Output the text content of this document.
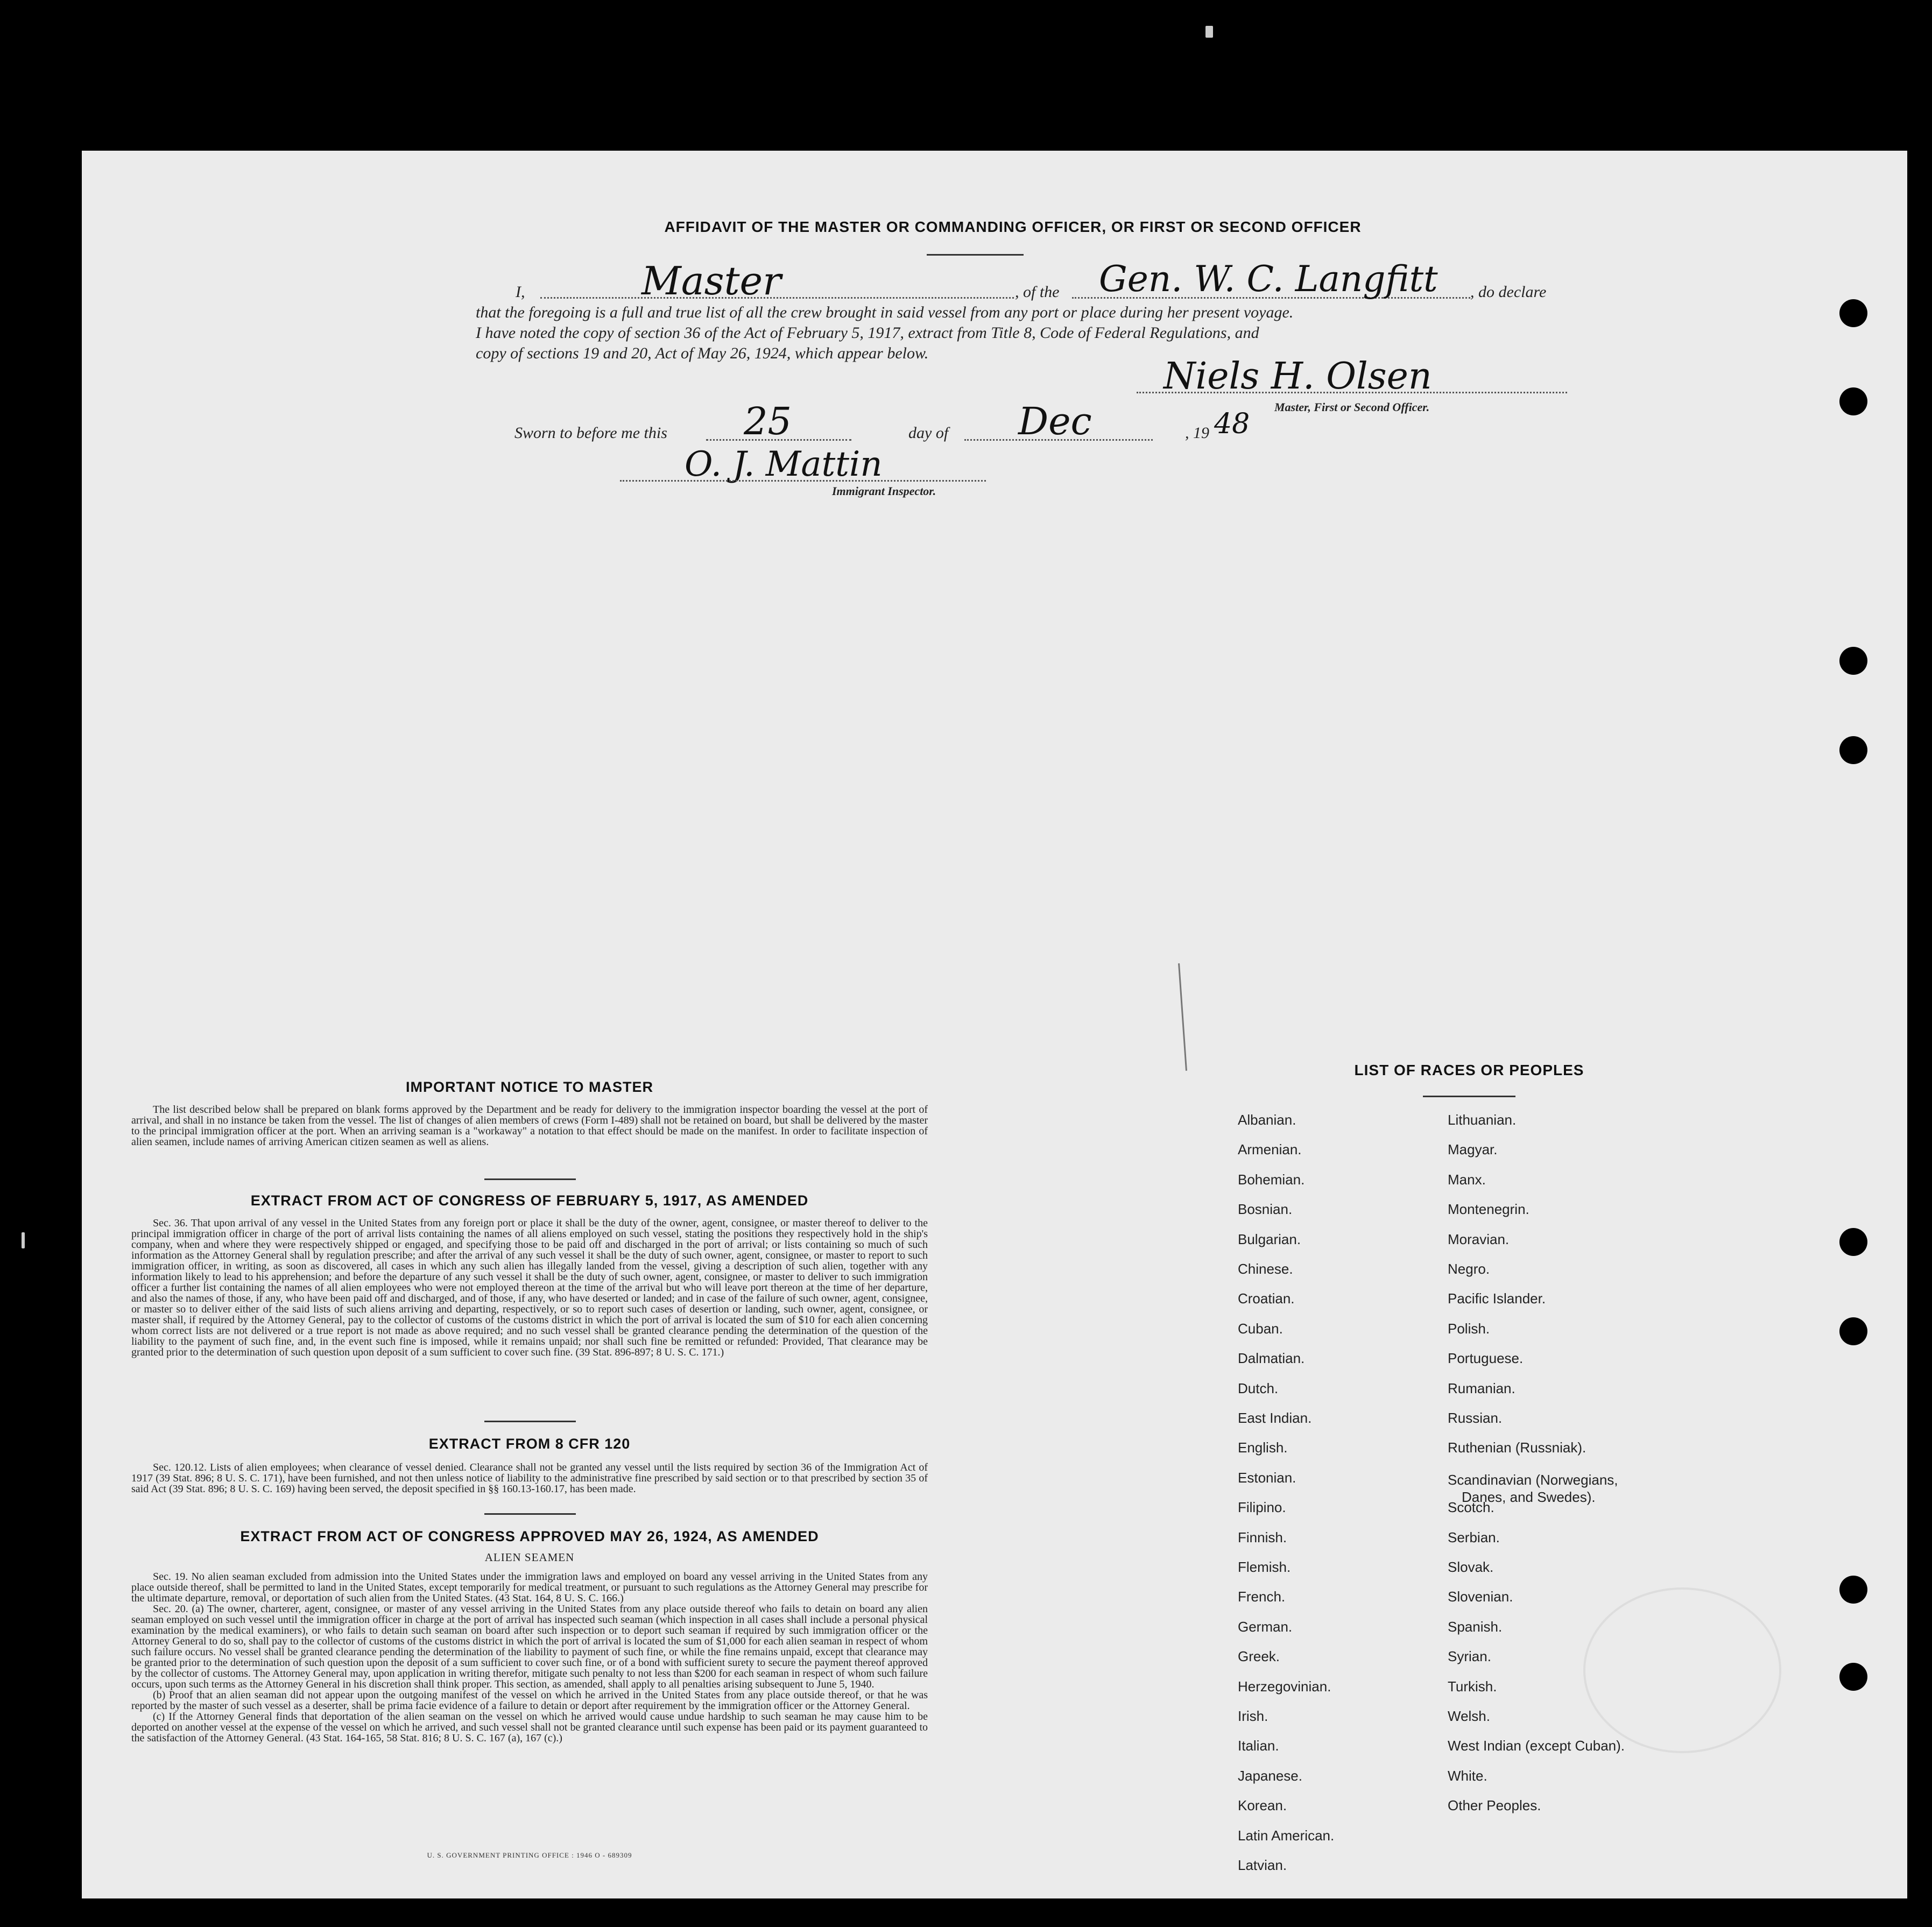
AFFIDAVIT OF THE MASTER OR COMMANDING OFFICER, OR FIRST OR SECOND OFFICER
I,	Master	, of the Gen. W. C. Langfitt , do declare
that the foregoing is a full and true list of all the crew brought in said vessel from any port or place during her present voyage.
I have noted the copy of section 36 of the Act of February 5, 1917, extract from Title 8, Code of Federal Regulations, and
copy of sections 19 and 20, Act of May 26, 1924, which appear below.
Niels H. Olsen
Master, First or Second Officer.
Sworn to before me this 25	day of Dec	, 19 48
O. J. Mattin
Immigrant Inspector.
IMPORTANT NOTICE TO MASTER

The list described below shall be prepared on blank forms approved by the Department and be ready for delivery to the immigration inspector boarding the vessel at the port of arrival, and shall in no instance be taken from the vessel. The list of changes of alien members of crews (Form I-489) shall not be retained on board, but shall be delivered by the master to the principal immigration officer at the port. When an arriving seaman is a "workaway" a notation to that effect should be made on the manifest. In order to facilitate inspection of alien seamen, include names of arriving American citizen seamen as well as aliens.

EXTRACT FROM ACT OF CONGRESS OF FEBRUARY 5, 1917, AS AMENDED

Sec. 36. That upon arrival of any vessel in the United States from any foreign port or place it shall be the duty of the owner, agent, consignee, or master thereof to deliver to the principal immigration officer in charge of the port of arrival lists containing the names of all aliens employed on such vessel, stating the positions they respectively hold in the ship's company, when and where they were respectively shipped or engaged, and specifying those to be paid off and discharged in the port of arrival; or lists containing so much of such information as the Attorney General shall by regulation prescribe; and after the arrival of any such vessel it shall be the duty of such owner, agent, consignee, or master to report to such immigration officer, in writing, as soon as discovered, all cases in which any such alien has illegally landed from the vessel, giving a description of such alien, together with any information likely to lead to his apprehension; and before the departure of any such vessel it shall be the duty of such owner, agent, consignee, or master to deliver to such immigration officer a further list containing the names of all alien employees who were not employed thereon at the time of the arrival but who will leave port thereon at the time of her departure, and also the names of those, if any, who have been paid off and discharged, and of those, if any, who have deserted or landed; and in case of the failure of such owner, agent, consignee, or master so to deliver either of the said lists of such aliens arriving and departing, respectively, or so to report such cases of desertion or landing, such owner, agent, consignee, or master shall, if required by the Attorney General, pay to the collector of customs of the customs district in which the port of arrival is located the sum of $10 for each alien concerning whom correct lists are not delivered or a true report is not made as above required; and no such vessel shall be granted clearance pending the determination of the question of the liability to the payment of such fine, and, in the event such fine is imposed, while it remains unpaid; nor shall such fine be remitted or refunded: Provided, That clearance may be granted prior to the determination of such question upon deposit of a sum sufficient to cover such fine. (39 Stat. 896-897; 8 U. S. C. 171.)

EXTRACT FROM 8 CFR 120

Sec. 120.12. Lists of alien employees; when clearance of vessel denied. Clearance shall not be granted any vessel until the lists required by section 36 of the Immigration Act of 1917 (39 Stat. 896; 8 U. S. C. 171), have been furnished, and not then unless notice of liability to the administrative fine prescribed by said section or to that prescribed by section 35 of said Act (39 Stat. 896; 8 U. S. C. 169) having been served, the deposit specified in §§ 160.13-160.17, has been made.

EXTRACT FROM ACT OF CONGRESS APPROVED MAY 26, 1924, AS AMENDED
ALIEN SEAMEN

Sec. 19. No alien seaman excluded from admission into the United States under the immigration laws and employed on board any vessel arriving in the United States from any place outside thereof, shall be permitted to land in the United States, except temporarily for medical treatment, or pursuant to such regulations as the Attorney General may prescribe for the ultimate departure, removal, or deportation of such alien from the United States. (43 Stat. 164, 8 U. S. C. 166.)

Sec. 20. (a) The owner, charterer, agent, consignee, or master of any vessel arriving in the United States from any place outside thereof who fails to detain on board any alien seaman employed on such vessel until the immigration officer in charge at the port of arrival has inspected such seaman (which inspection in all cases shall include a personal physical examination by the medical examiners), or who fails to detain such seaman on board after such inspection or to deport such seaman if required by such immigration officer or the Attorney General to do so, shall pay to the collector of customs of the customs district in which the port of arrival is located the sum of $1,000 for each alien seaman in respect of whom such failure occurs. No vessel shall be granted clearance pending the determination of the liability to payment of such fine, or while the fine remains unpaid, except that clearance may be granted prior to the determination of such question upon the deposit of a sum sufficient to cover such fine, or of a bond with sufficient surety to secure the payment thereof approved by the collector of customs. The Attorney General may, upon application in writing therefor, mitigate such penalty to not less than $200 for each seaman in respect of whom such failure occurs, upon such terms as the Attorney General in his discretion shall think proper. This section, as amended, shall apply to all penalties arising subsequent to June 5, 1940.

(b) Proof that an alien seaman did not appear upon the outgoing manifest of the vessel on which he arrived in the United States from any place outside thereof, or that he was reported by the master of such vessel as a deserter, shall be prima facie evidence of a failure to detain or deport after requirement by the immigration officer or the Attorney General.

(c) If the Attorney General finds that deportation of the alien seaman on the vessel on which he arrived would cause undue hardship to such seaman he may cause him to be deported on another vessel at the expense of the vessel on which he arrived, and such vessel shall not be granted clearance until such expense has been paid or its payment guaranteed to the satisfaction of the Attorney General. (43 Stat. 164-165, 58 Stat. 816; 8 U. S. C. 167 (a), 167 (c).)

U. S. GOVERNMENT PRINTING OFFICE : 1946 O - 689309
LIST OF RACES OR PEOPLES
Albanian.
Armenian.
Bohemian.
Bosnian.
Bulgarian.
Chinese.
Croatian.
Cuban.
Dalmatian.
Dutch.
East Indian.
English.
Estonian.
Filipino.
Finnish.
Flemish.
French.
German.
Greek.
Herzegovinian.
Irish.
Italian.
Japanese.
Korean.
Latin American.
Latvian.
Lithuanian.
Magyar.
Manx.
Montenegrin.
Moravian.
Negro.
Pacific Islander.
Polish.
Portuguese.
Rumanian.
Russian.
Ruthenian (Russniak).
Scandinavian (Norwegians,
Danes, and Swedes).
Scotch.
Serbian.
Slovak.
Slovenian.
Spanish.
Syrian.
Turkish.
Welsh.
West Indian (except Cuban).
White.
Other Peoples.
